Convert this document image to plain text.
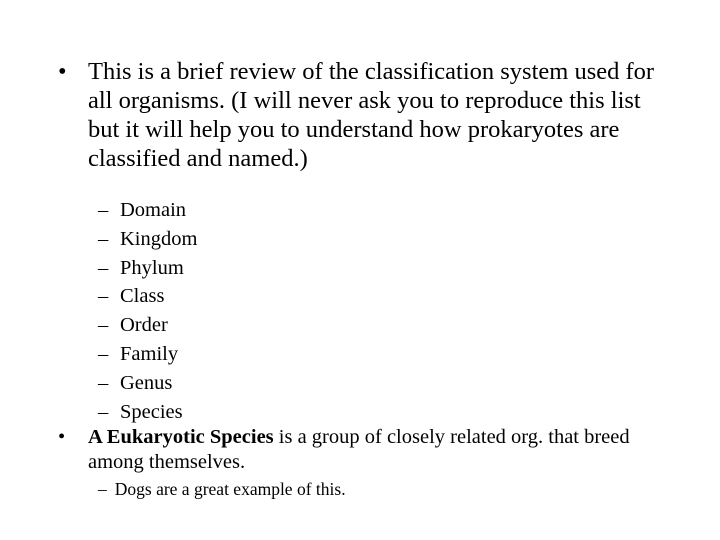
• This is a brief review of the classification system used for all organisms. (I will never ask you to reproduce this list but it will help you to understand how prokaryotes are classified and named.)
– Domain
– Kingdom
– Phylum
– Class
– Order
– Family
– Genus
– Species
•	A Eukaryotic Species is a group of closely related org. that breed among themselves.
– Dogs are a great example of this.
